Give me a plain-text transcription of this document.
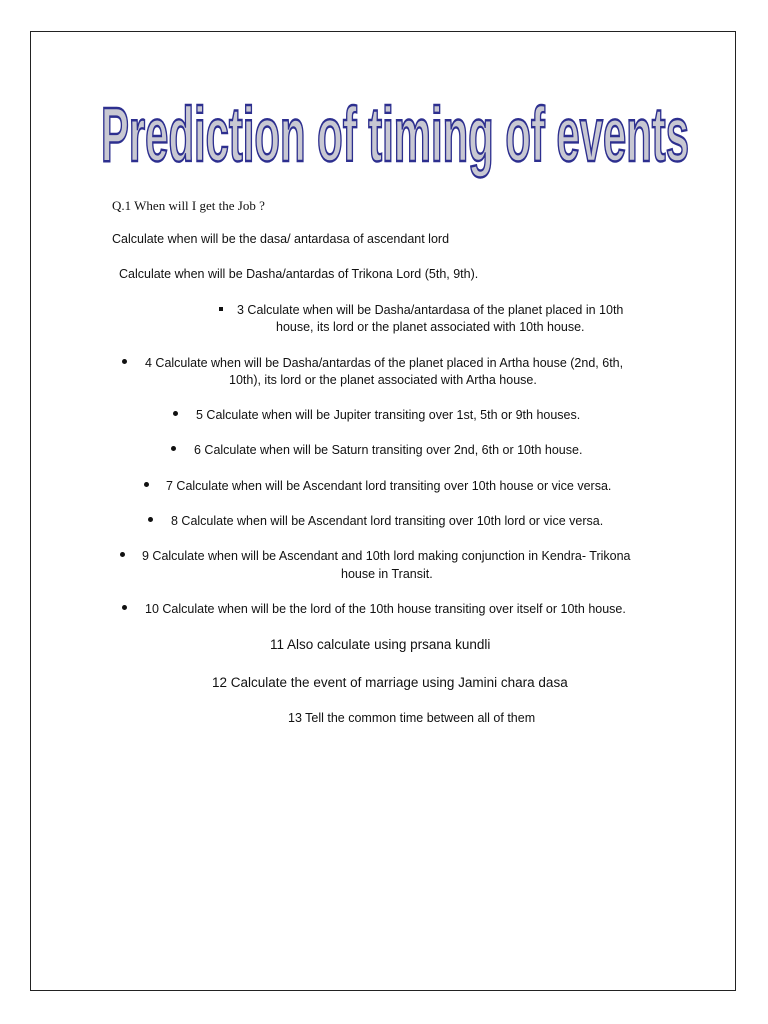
Prediction of timing of events
Q.1 When will I get the Job ?
Calculate when will be the dasa/ antardasa of ascendant lord
Calculate when will be Dasha/antardas of Trikona Lord (5th, 9th).
3 Calculate when will be Dasha/antardasa of the planet placed in 10th
house, its lord or the planet associated with 10th house.
4 Calculate when will be Dasha/antardas of the planet placed in Artha house (2nd, 6th,
10th), its lord or the planet associated with Artha house.
5 Calculate when will be Jupiter transiting over 1st, 5th or 9th houses.
6 Calculate when will be Saturn transiting over 2nd, 6th or 10th house.
7 Calculate when will be Ascendant lord transiting over 10th house or vice versa.
8 Calculate when will be Ascendant lord transiting over 10th lord or vice versa.
9 Calculate when will be Ascendant and 10th lord making conjunction in Kendra- Trikona
house in Transit.
10 Calculate when will be the lord of the 10th house transiting over itself or 10th house.
11 Also calculate using prsana kundli
12 Calculate the event of marriage using Jamini chara dasa
13 Tell the common time between all of them
